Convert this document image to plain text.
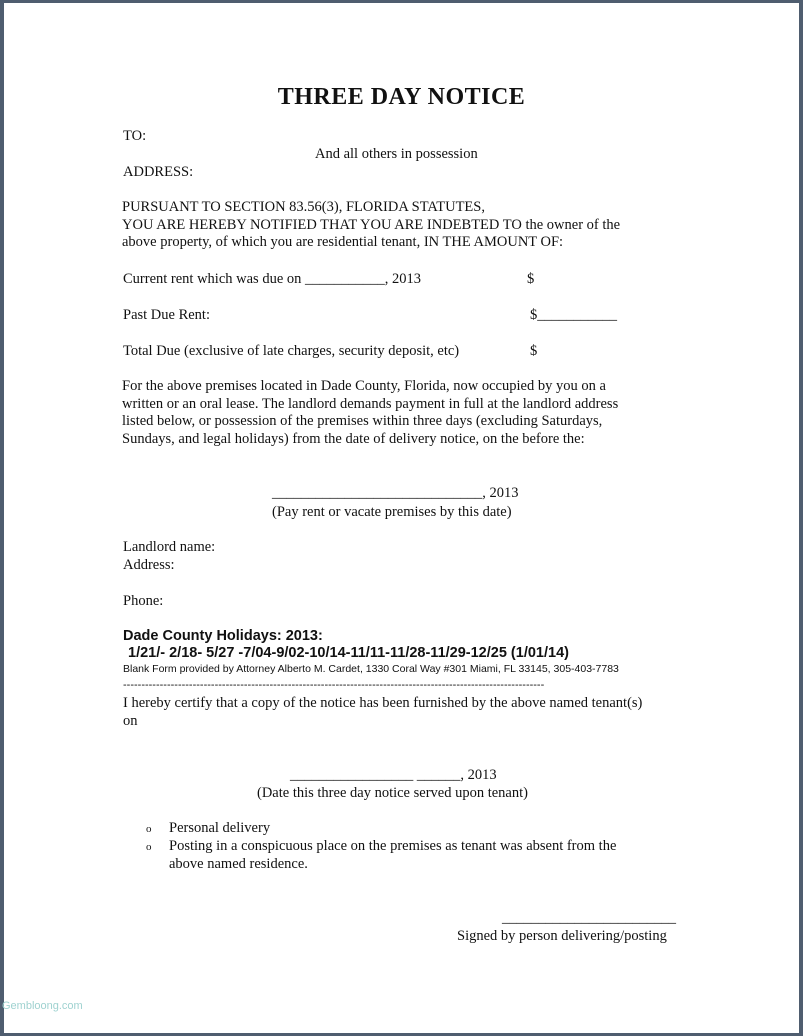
THREE DAY NOTICE
TO:
And all others in possession
ADDRESS:
PURSUANT TO SECTION 83.56(3), FLORIDA STATUTES,
YOU ARE HEREBY NOTIFIED THAT YOU ARE INDEBTED TO the owner of the
above property, of which you are residential tenant, IN THE AMOUNT OF:
Current rent which was due on ___________, 2013	$
Past Due Rent:	$___________
Total Due (exclusive of late charges, security deposit, etc)	$
For the above premises located in Dade County, Florida, now occupied by you on a
written or an oral lease. The landlord demands payment in full at the landlord address
listed below, or possession of the premises within three days (excluding Saturdays,
Sundays, and legal holidays) from the date of delivery notice, on the before the:
_____________________________, 2013
(Pay rent or vacate premises by this date)
Landlord name:
Address:
Phone:
Dade County Holidays: 2013:
1/21/- 2/18- 5/27 -7/04-9/02-10/14-11/11-11/28-11/29-12/25 (1/01/14)
Blank Form provided by Attorney Alberto M. Cardet, 1330 Coral Way #301 Miami, FL 33145, 305-403-7783
-------------------------------------------------------------------------------------------------------------------
I hereby certify that a copy of the notice has been furnished by the above named tenant(s)
on
_________________ ______, 2013
(Date this three day notice served upon tenant)
o Personal delivery
o Posting in a conspicuous place on the premises as tenant was absent from the
above named residence.
________________________
Signed by person delivering/posting
Gembloong.com
